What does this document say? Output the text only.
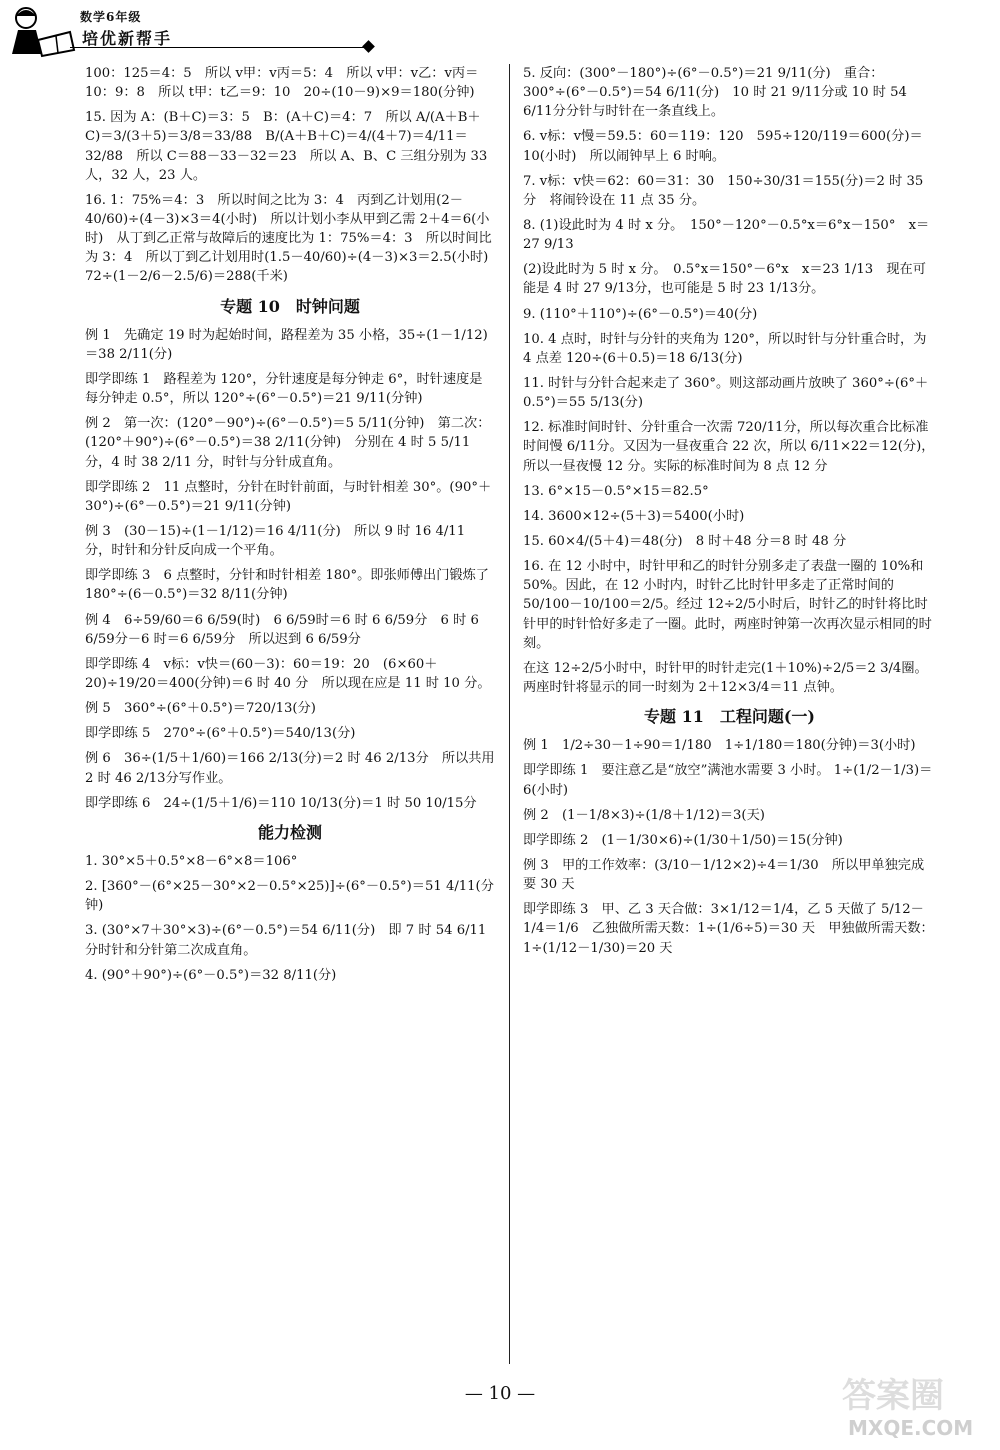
数学6年级
培优新帮手

100：125＝4：5　所以 v甲：v丙＝5：4　所以 v甲：v乙：v丙＝10：9：8　所以 t甲：t乙＝9：10　20÷(10－9)×9＝180(分钟)

15. 因为 A：(B＋C)＝3：5　B：(A＋C)＝4：7　所以 A/(A＋B＋C)＝3/(3＋5)＝3/8＝33/88　B/(A＋B＋C)＝4/(4＋7)＝4/11＝32/88　所以 C＝88－33－32＝23　所以 A、B、C 三组分别为 33 人，32 人，23 人。

16. 1：75%＝4：3　所以时间之比为 3：4　丙到乙计划用(2－40/60)÷(4－3)×3＝4(小时)　所以计划小李从甲到乙需 2＋4＝6(小时)　从丁到乙正常与故障后的速度比为 1：75%＝4：3　所以时间比为 3：4　所以丁到乙计划用时(1.5－40/60)÷(4－3)×3＝2.5(小时)　72÷(1－2/6－2.5/6)＝288(千米)

专题 10　时钟问题

例 1　先确定 19 时为起始时间，路程差为 35 小格，35÷(1－1/12)＝38 2/11(分)

即学即练 1　路程差为 120°，分针速度是每分钟走 6°，时针速度是每分钟走 0.5°，所以 120°÷(6°－0.5°)＝21 9/11(分钟)

例 2　第一次：(120°－90°)÷(6°－0.5°)＝5 5/11(分钟)　第二次：(120°＋90°)÷(6°－0.5°)＝38 2/11(分钟)　分别在 4 时 5 5/11 分，4 时 38 2/11 分，时针与分针成直角。

即学即练 2　11 点整时，分针在时针前面，与时针相差 30°。(90°＋30°)÷(6°－0.5°)＝21 9/11(分钟)

例 3　(30－15)÷(1－1/12)＝16 4/11(分)　所以 9 时 16 4/11 分，时针和分针反向成一个平角。

即学即练 3　6 点整时，分针和时针相差 180°。即张师傅出门锻炼了 180°÷(6－0.5°)＝32 8/11(分钟)

例 4　6÷59/60＝6 6/59(时)　6 6/59时＝6 时 6 6/59分　6 时 6 6/59分－6 时＝6 6/59分　所以迟到 6 6/59分

即学即练 4　v标：v快＝(60－3)：60＝19：20　(6×60＋20)÷19/20＝400(分钟)＝6 时 40 分　所以现在应是 11 时 10 分。

例 5　360°÷(6°＋0.5°)＝720/13(分)

即学即练 5　270°÷(6°＋0.5°)＝540/13(分)

例 6　36÷(1/5＋1/60)＝166 2/13(分)＝2 时 46 2/13分　所以共用 2 时 46 2/13分写作业。

即学即练 6　24÷(1/5＋1/6)＝110 10/13(分)＝1 时 50 10/15分

能力检测

1. 30°×5＋0.5°×8－6°×8＝106°

2. [360°－(6°×25－30°×2－0.5°×25)]÷(6°－0.5°)＝51 4/11(分钟)

3. (30°×7＋30°×3)÷(6°－0.5°)＝54 6/11(分)　即 7 时 54 6/11分时针和分针第二次成直角。

4. (90°＋90°)÷(6°－0.5°)＝32 8/11(分)

5. 反向：(300°－180°)÷(6°－0.5°)＝21 9/11(分)　重合：300°÷(6°－0.5°)＝54 6/11(分)　10 时 21 9/11分或 10 时 54 6/11分分针与时针在一条直线上。

6. v标：v慢＝59.5：60＝119：120　595÷120/119＝600(分)＝10(小时)　所以闹钟早上 6 时响。

7. v标：v快＝62：60＝31：30　150÷30/31＝155(分)＝2 时 35 分　将闹铃设在 11 点 35 分。

8. (1)设此时为 4 时 x 分。　150°－120°－0.5°x＝6°x－150°　x＝27 9/13

(2)设此时为 5 时 x 分。　0.5°x＝150°－6°x　x＝23 1/13　现在可能是 4 时 27 9/13分，也可能是 5 时 23 1/13分。

9. (110°＋110°)÷(6°－0.5°)＝40(分)

10. 4 点时，时针与分针的夹角为 120°，所以时针与分针重合时，为 4 点差 120÷(6＋0.5)＝18 6/13(分)

11. 时针与分针合起来走了 360°。则这部动画片放映了 360°÷(6°＋0.5°)＝55 5/13(分)

12. 标准时间时针、分针重合一次需 720/11分，所以每次重合比标准时间慢 6/11分。又因为一昼夜重合 22 次，所以 6/11×22＝12(分)，所以一昼夜慢 12 分。实际的标准时间为 8 点 12 分

13. 6°×15－0.5°×15＝82.5°

14. 3600×12÷(5＋3)＝5400(小时)

15. 60×4/(5＋4)＝48(分)　8 时＋48 分＝8 时 48 分

16. 在 12 小时中，时针甲和乙的时针分别多走了表盘一圈的 10%和 50%。因此，在 12 小时内，时针乙比时针甲多走了正常时间的 50/100－10/100＝2/5。经过 12÷2/5小时后，时针乙的时针将比时针甲的时针恰好多走了一圈。此时，两座时钟第一次再次显示相同的时刻。

在这 12÷2/5小时中，时针甲的时针走完(1＋10%)÷2/5＝2 3/4圈。两座时针将显示的同一时刻为 2＋12×3/4＝11 点钟。

专题 11　工程问题(一)

例 1　1/2÷30－1÷90＝1/180　1÷1/180＝180(分钟)＝3(小时)

即学即练 1　要注意乙是“放空”满池水需要 3 小时。 1÷(1/2－1/3)＝6(小时)

例 2　(1－1/8×3)÷(1/8＋1/12)＝3(天)

即学即练 2　(1－1/30×6)÷(1/30＋1/50)＝15(分钟)

例 3　甲的工作效率：(3/10－1/12×2)÷4＝1/30　所以甲单独完成要 30 天

即学即练 3　甲、乙 3 天合做：3×1/12＝1/4，乙 5 天做了 5/12－1/4＝1/6　乙独做所需天数：1÷(1/6÷5)＝30 天　甲独做所需天数：1÷(1/12－1/30)＝20 天

— 10 —	答案圈
MXQE.COM
